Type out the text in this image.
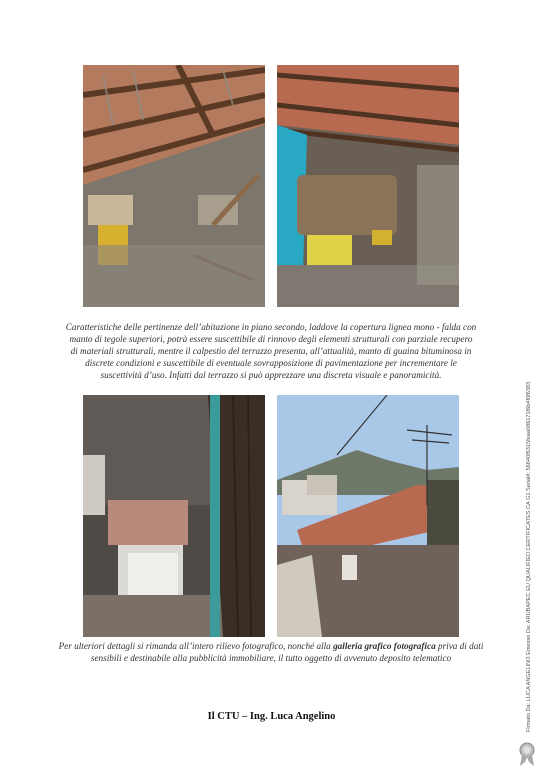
Caratteristiche delle pertinenze dell’abitazione in piano secondo, laddove la copertura lignea mono - falda con
manto di tegole superiori, potrà essere suscettibile di rinnovo degli elementi strutturali con parziale recupero
di materiali strutturali, mentre il calpestio del terrazzo presenta, all’attualità, manto di guaina bituminosa in
discrete condizioni e suscettibile di eventuale sovrapposizione di pavimentazione per incrementare le
suscettività d’uso. Infatti dal terrazzo si può apprezzare una discreta visuale e panoramicità.
Per ulteriori dettagli si rimanda all’intero rilievo fotografico, nonché alla galleria grafico fotografica priva di dati
sensibili e destinabile alla pubblicità immobiliare, il tutto oggetto di avvenuto deposito telematico
Il CTU – Ing. Luca Angelino	Firmato Da: LUCA ANGELINO Emesso Da: ARUBAPEC EU QUALIFIED CERTIFICATES CA G1 Serial#: 56640f6315feaa086171f6b4f0f6383
